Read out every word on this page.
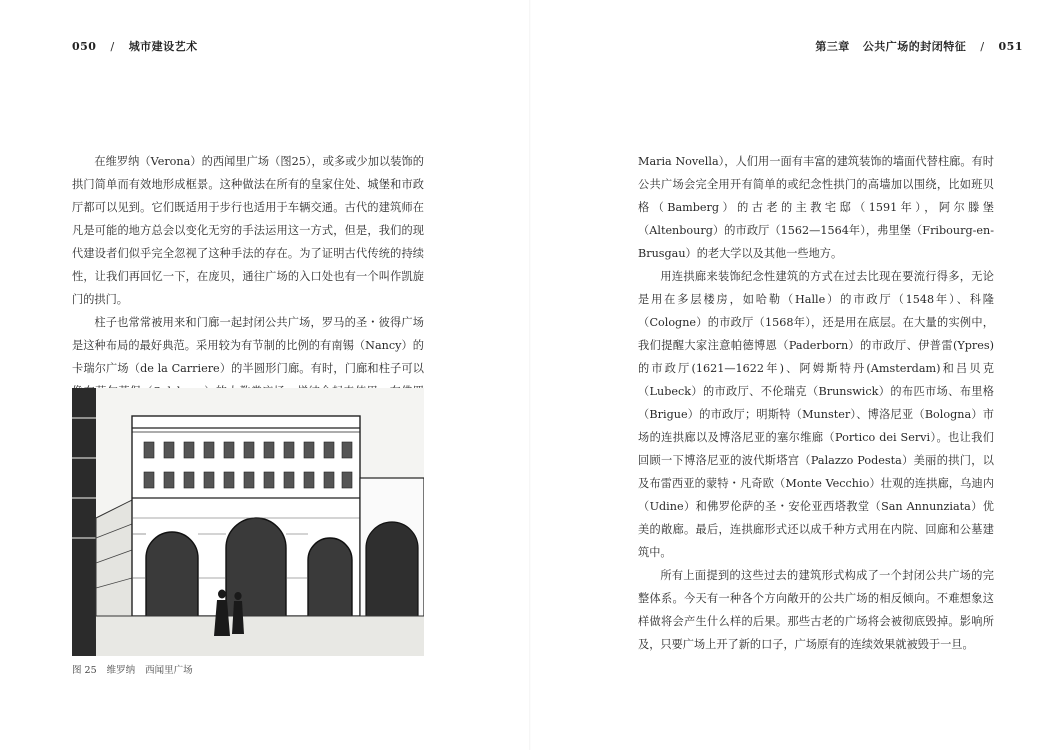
050 / 城市建设艺术

在维罗纳（Verona）的西闻里广场（图25），或多或少加以装饰的拱门简单而有效地形成框景。这种做法在所有的皇家住处、城堡和市政厅都可以见到。它们既适用于步行也适用于车辆交通。古代的建筑师在凡是可能的地方总会以变化无穷的手法运用这一方式，但是，我们的现代建设者们似乎完全忽视了这种手法的存在。为了证明古代传统的持续性，让我们再回忆一下，在庞贝，通往广场的入口处也有一个叫作凯旋门的拱门。

柱子也常常被用来和门廊一起封闭公共广场，罗马的圣・彼得广场是这种布局的最好典范。采用较为有节制的比例的有南锡（Nancy）的卡瑞尔广场（de la Carriere）的半圆形门廊。有时，门廊和柱子可以

图 25 维罗纳 西闻里广场
第三章 公共广场的封闭特征 / 051

Maria Novella），人们用一面有丰富的建筑装饰的墙面代替柱廊。有时公共广场会完全用开有简单的或纪念性拱门的高墙加以围绕，比如班贝格（Bamberg）的古老的主教宅邸（1591年），阿尔滕堡（Altenbourg）的市政厅（1562—1564年），弗里堡（Fribourg-en-Brusgau）的老大学以及其他一些地方。

用连拱廊来装饰纪念性建筑的方式在过去比现在要流行得多，无论是用在多层楼房，如哈勒（Halle）的市政厅（1548年）、科隆（Cologne）的市政厅（1568年），还是用在底层。在大量的实例中，我们提醒大家注意帕德博恩（Paderborn）的市政厅、伊普雷(Ypres)的市政厅(1621—1622年)、阿姆斯特丹(Amsterdam)和吕贝克（Lubeck）的市政厅、不伦瑞克（Brunswick）的布匹市场、布里格（Brigue）的市政厅；明斯特（Munster）、博洛尼亚（Bologna）市场的连拱廊以及博洛尼亚的塞尔维廊（Portico dei Servi）。也让我们回顾一下博洛尼亚的波代斯塔宫（Palazzo Podesta）美丽的拱门，以及布雷西亚的蒙特・凡奇欧（Monte Vecchio）壮观的连拱廊，乌迪内（Udine）和佛罗伦萨的圣・安伦亚西塔教堂（San Annunziata）优美的敞廊。最后，连拱廊形式还以成千种方式用在内院、回廊和公墓建筑中。

所有上面提到的这些过去的建筑形式构成了一个封闭公共广场的完整体系。今天有一种各个方向敞开的公共广场的相反倾向。不难想象这样做将会产生什么样的后果。那些古老的广场将会被彻底毁掉。影响所及，只要广场上开了新的口子，广场原有的连续效果就被毁于一旦。
